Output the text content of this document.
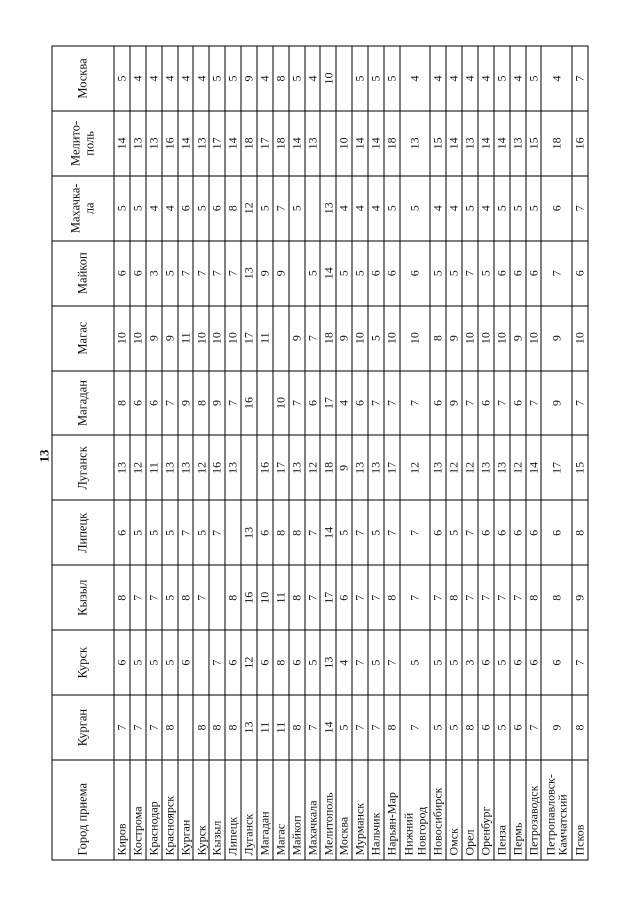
13
Город приема	Курган	Курск	Кызыл	Липецк	Луганск	Магадан	Магас	Майкоп	Махачка-ла	Мелито-поль	Москва
Киров	7	6	8	6	13	8	10	6	5	14	5
Кострома	7	5	7	5	12	6	10	6	5	13	4
Краснодар	7	5	7	5	11	6	9	3	4	13	4
Красноярск	8	5	5	5	13	7	9	5	4	16	4
Курган		6	8	7	13	9	11	7	6	14	4
Курск	8		7	5	12	8	10	7	5	13	4
Кызыл	8	7		7	16	9	10	7	6	17	5
Липецк	8	6	8		13	7	10	7	8	14	5
Луганск	13	12	16	13		16	17	13	12	18	9
Магадан	11	6	10	6	16		11	9	5	17	4
Магас	11	8	11	8	17	10		9	7	18	8
Майкоп	8	6	8	8	13	7	9		5	14	5
Махачкала	7	5	7	7	12	6	7	5		13	4
Мелитополь	14	13	17	14	18	17	18	14	13		10
Москва	5	4	6	5	9	4	9	5	4	10	
Мурманск	7	7	7	7	13	6	10	5	4	14	5
Нальчик	7	5	7	5	13	7	5	6	4	14	5
Нарьян-Мар	8	7	8	7	17	7	10	6	5	18	5
Нижний Новгород	7	5	7	7	12	7	10	6	5	13	4
Новосибирск	5	5	7	6	13	6	8	5	4	15	4
Омск	5	5	8	5	12	9	9	5	4	14	4
Орел	8	3	7	7	12	7	10	7	5	13	4
Оренбург	6	6	7	6	13	6	10	5	4	14	4
Пенза	5	5	7	6	13	7	10	6	5	14	5
Пермь	6	6	7	6	12	6	9	6	5	13	4
Петрозаводск	7	6	8	6	14	7	10	6	5	15	5
Петропавловск-Камчатский	9	6	8	6	17	9	9	7	6	18	4
Псков	8	7	9	8	15	7	10	6	7	16	7
